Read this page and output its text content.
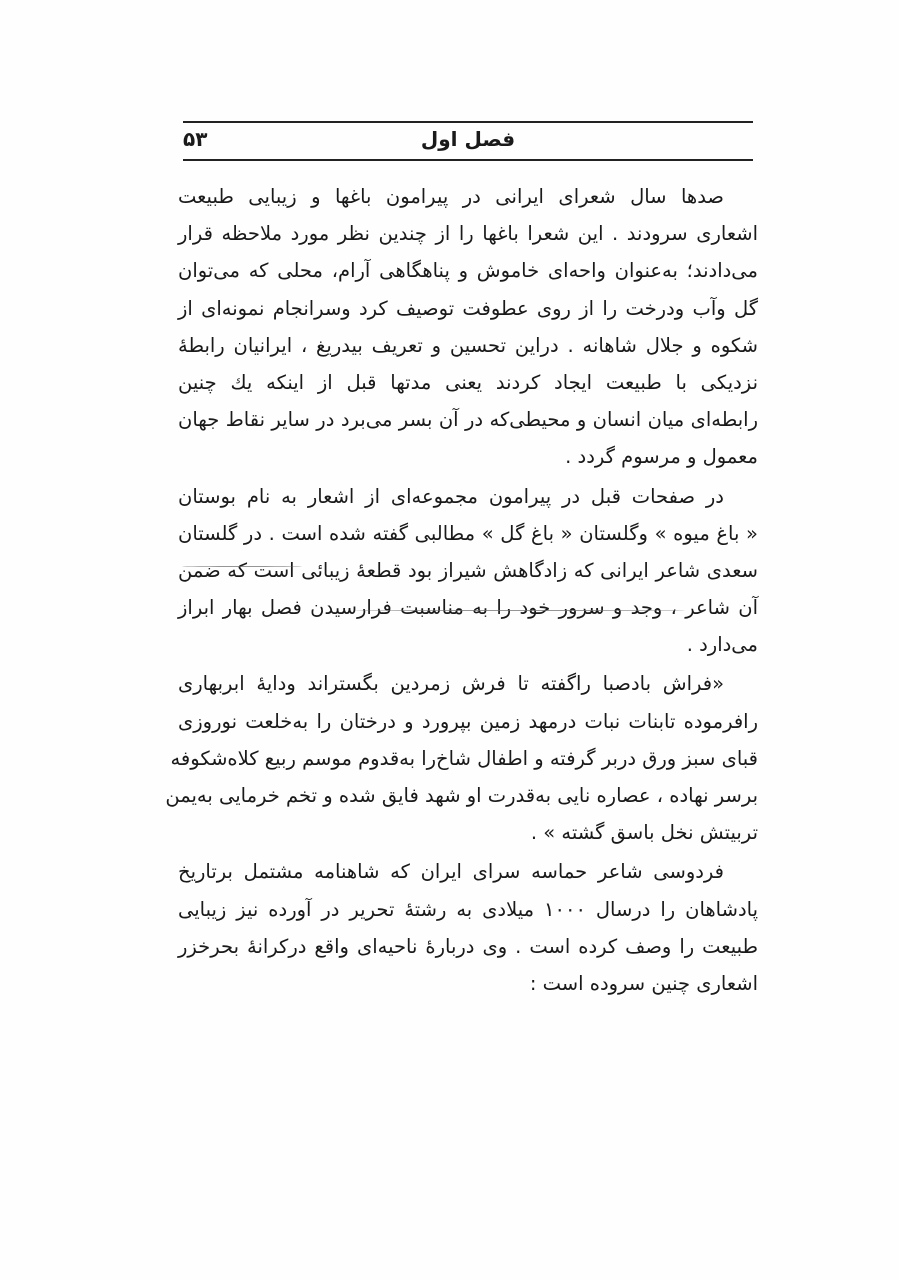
فصل اول
۵۳
صدها سال شعرای ایرانی در پیرامون باغها و زیبایی طبیعت
اشعاری سرودند . این شعرا باغها را از چندین نظر مورد ملاحظه قرار
می‌دادند؛ به‌عنوان واحه‌ای خاموش و پناهگاهی آرام، محلی که می‌توان
گل وآب ودرخت را از روی عطوفت توصیف کرد وسرانجام نمونه‌ای از
شکوه و جلال شاهانه . دراین تحسین و تعریف بیدریغ ، ایرانیان رابطهٔ
نزدیکی با طبیعت ایجاد کردند یعنی مدتها قبل از اینکه یك چنین
رابطه‌ای میان انسان و محیطی‌که در آن بسر می‌برد در سایر نقاط جهان
معمول و مرسوم گردد .
در صفحات قبل در پیرامون مجموعه‌ای از اشعار به نام بوستان
« باغ میوه » وگلستان « باغ گل » مطالبی گفته شده است . در گلستان
سعدی شاعر ایرانی که زادگاهش شیراز بود قطعهٔ زیبائی است که ضمن
آن شاعر ، وجد و سرور خود را به مناسبت فرارسیدن فصل بهار ابراز
می‌دارد .
«فراش بادصبا راگفته تا فرش زمردین بگستراند ودایهٔ ابربهاری
رافرموده تابنات نبات درمهد زمین بپرورد و درختان را به‌خلعت نوروزی
قبای سبز ورق دربر گرفته و اطفال شاخ‌را به‌قدوم موسم ربیع کلاه‌شکوفه
برسر نهاده ، عصاره نایی به‌قدرت او شهد فایق شده و تخم خرمایی به‌یمن
تربیتش نخل باسق گشته » .
فردوسی شاعر حماسه سرای ایران که شاهنامه مشتمل برتاریخ
پادشاهان را درسال ۱۰۰۰ میلادی به رشتهٔ تحریر در آورده نیز زیبایی
طبیعت را وصف کرده است . وی دربارهٔ ناحیه‌ای واقع درکرانهٔ بحرخزر
اشعاری چنین سروده است :
